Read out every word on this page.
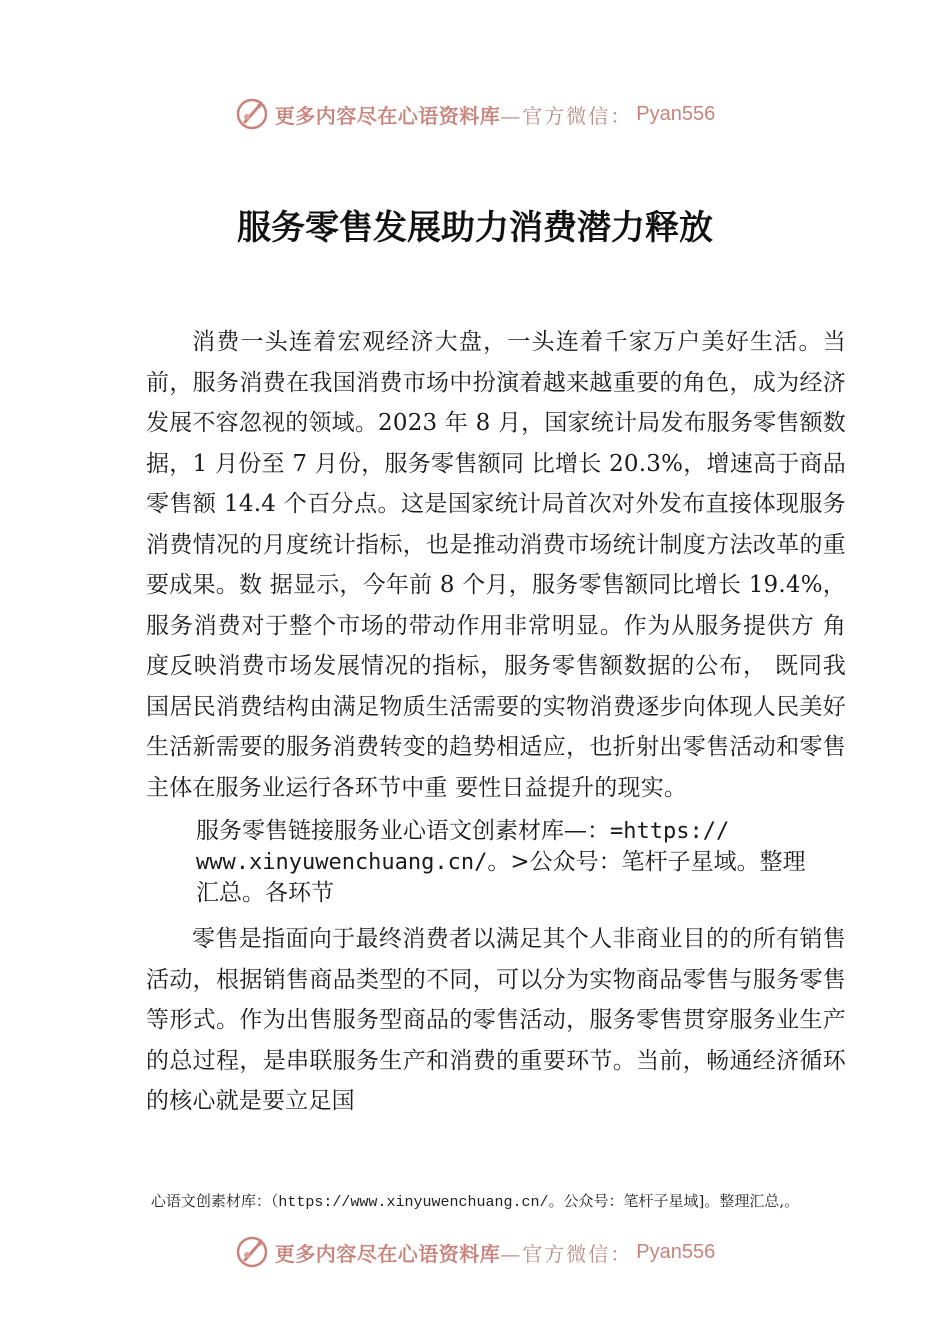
更多内容尽在心语资料库 —官方微信： Pyan556
服务零售发展助力消费潜力释放

消费一头连着宏观经济大盘，一头连着千家万户美好生活。当前，服务消费在我国消费市场中扮演着越来越重要的角色，成为经济发展不容忽视的领域。2023 年 8 月，国家统计局发布服务零售额数据，1 月份至 7 月份，服务零售额同 比增长 20.3%，增速高于商品零售额 14.4 个百分点。这是国家统计局首次对外发布直接体现服务消费情况的月度统计指标，也是推动消费市场统计制度方法改革的重要成果。数 据显示，今年前 8 个月，服务零售额同比增长 19.4%，服务消费对于整个市场的带动作用非常明显。作为从服务提供方 角度反映消费市场发展情况的指标，服务零售额数据的公布， 既同我国居民消费结构由满足物质生活需要的实物消费逐步向体现人民美好生活新需要的服务消费转变的趋势相适应，也折射出零售活动和零售主体在服务业运行各环节中重 要性日益提升的现实。

服务零售链接服务业心语文创素材库—：=https://
www.xinyuwenchuang.cn/。>公众号：笔杆子星域。整理
汇总。各环节

零售是指面向于最终消费者以满足其个人非商业目的的所有销售活动，根据销售商品类型的不同，可以分为实物商品零售与服务零售等形式。作为出售服务型商品的零售活动，服务零售贯穿服务业生产的总过程，是串联服务生产和消费的重要环节。当前，畅通经济循环的核心就是要立足国

心语文创素材库：（https://www.xinyuwenchuang.cn/。公众号：笔杆子星域]。整理汇总,。
更多内容尽在心语资料库 —官方微信： Pyan556
